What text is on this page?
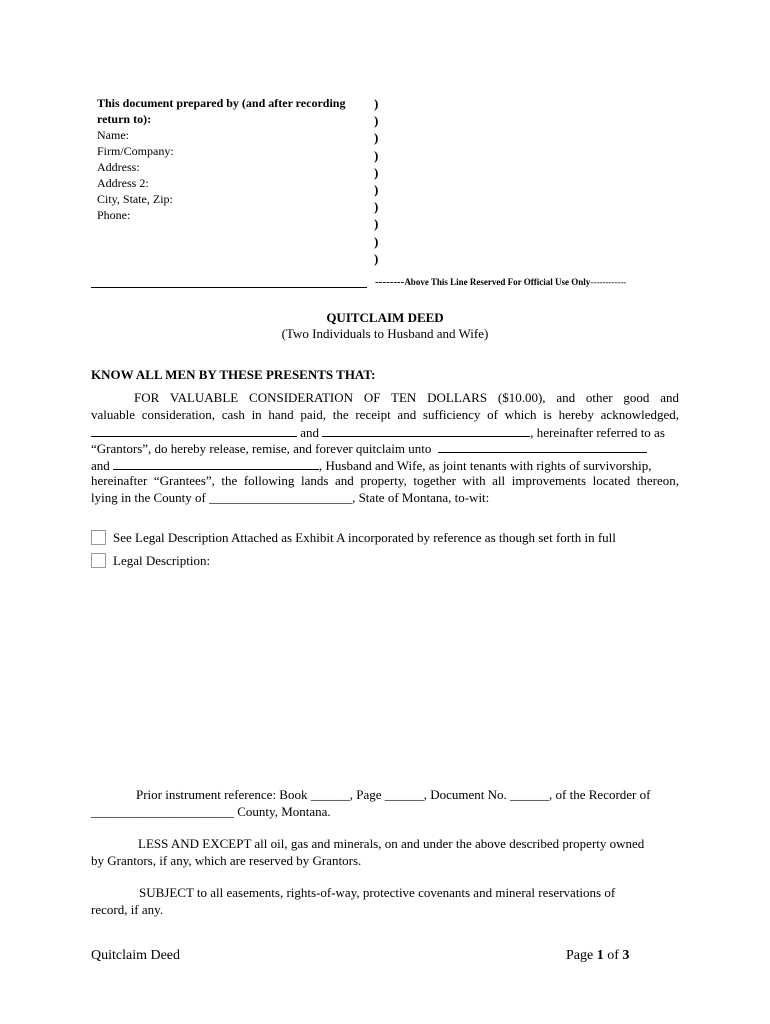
This document prepared by (and after recording return to):
Name:
Firm/Company:
Address:
Address 2:
City, State, Zip:
Phone:
)
)
)
)
)
)
)
)
)
)
--------Above This Line Reserved For Official Use Only------------
QUITCLAIM DEED
(Two Individuals to Husband and Wife)
KNOW ALL MEN BY THESE PRESENTS THAT:
FOR VALUABLE CONSIDERATION OF TEN DOLLARS ($10.00), and other good and
valuable consideration, cash in hand paid, the receipt and sufficiency of which is hereby acknowledged,
and	, hereinafter referred to as
“Grantors”, do hereby release, remise, and forever quitclaim unto
and	, Husband and Wife, as joint tenants with rights of survivorship,
hereinafter “Grantees”, the following lands and property, together with all improvements located thereon,
lying in the County of ______________________, State of Montana, to-wit:
See Legal Description Attached as Exhibit A incorporated by reference as though set forth in full
Legal Description:
Prior instrument reference: Book ______, Page ______, Document No. ______, of the Recorder of
______________________ County, Montana.
LESS AND EXCEPT all oil, gas and minerals, on and under the above described property owned
by Grantors, if any, which are reserved by Grantors.
SUBJECT to all easements, rights-of-way, protective covenants and mineral reservations of
record, if any.
Quitclaim Deed	Page 1 of 3
